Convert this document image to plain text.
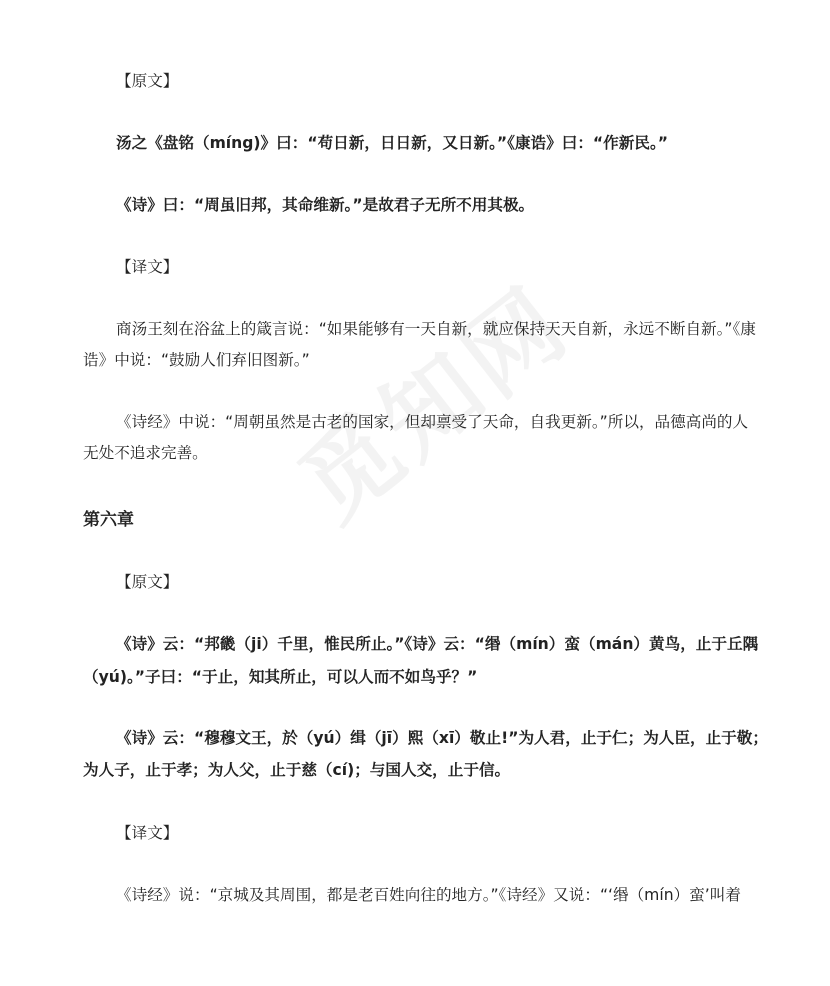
【原文】
汤之《盘铭（míng)》曰：“苟日新，日日新，又日新。”《康诰》曰：“作新民。”
《诗》曰：“周虽旧邦，其命维新。”是故君子无所不用其极。
【译文】
商汤王刻在浴盆上的箴言说：“如果能够有一天自新，就应保持天天自新，永远不断自新。”《康
诰》中说：“鼓励人们弃旧图新。”
《诗经》中说：“周朝虽然是古老的国家，但却禀受了天命，自我更新。”所以，品德高尚的人
无处不追求完善。
第六章
【原文】
《诗》云：“邦畿（ji）千里，惟民所止。”《诗》云：“缗（mín）蛮（mán）黄鸟，止于丘隅
（yú)。”子曰：“于止，知其所止，可以人而不如鸟乎？”
《诗》云：“穆穆文王，於（yú）缉（jī）熙（xī）敬止!”为人君，止于仁；为人臣，止于敬；
为人子，止于孝；为人父，止于慈（cí)；与国人交，止于信。
【译文】
《诗经》说：“京城及其周围，都是老百姓向往的地方。”《诗经》又说：“‘缗（mín）蛮’叫着
